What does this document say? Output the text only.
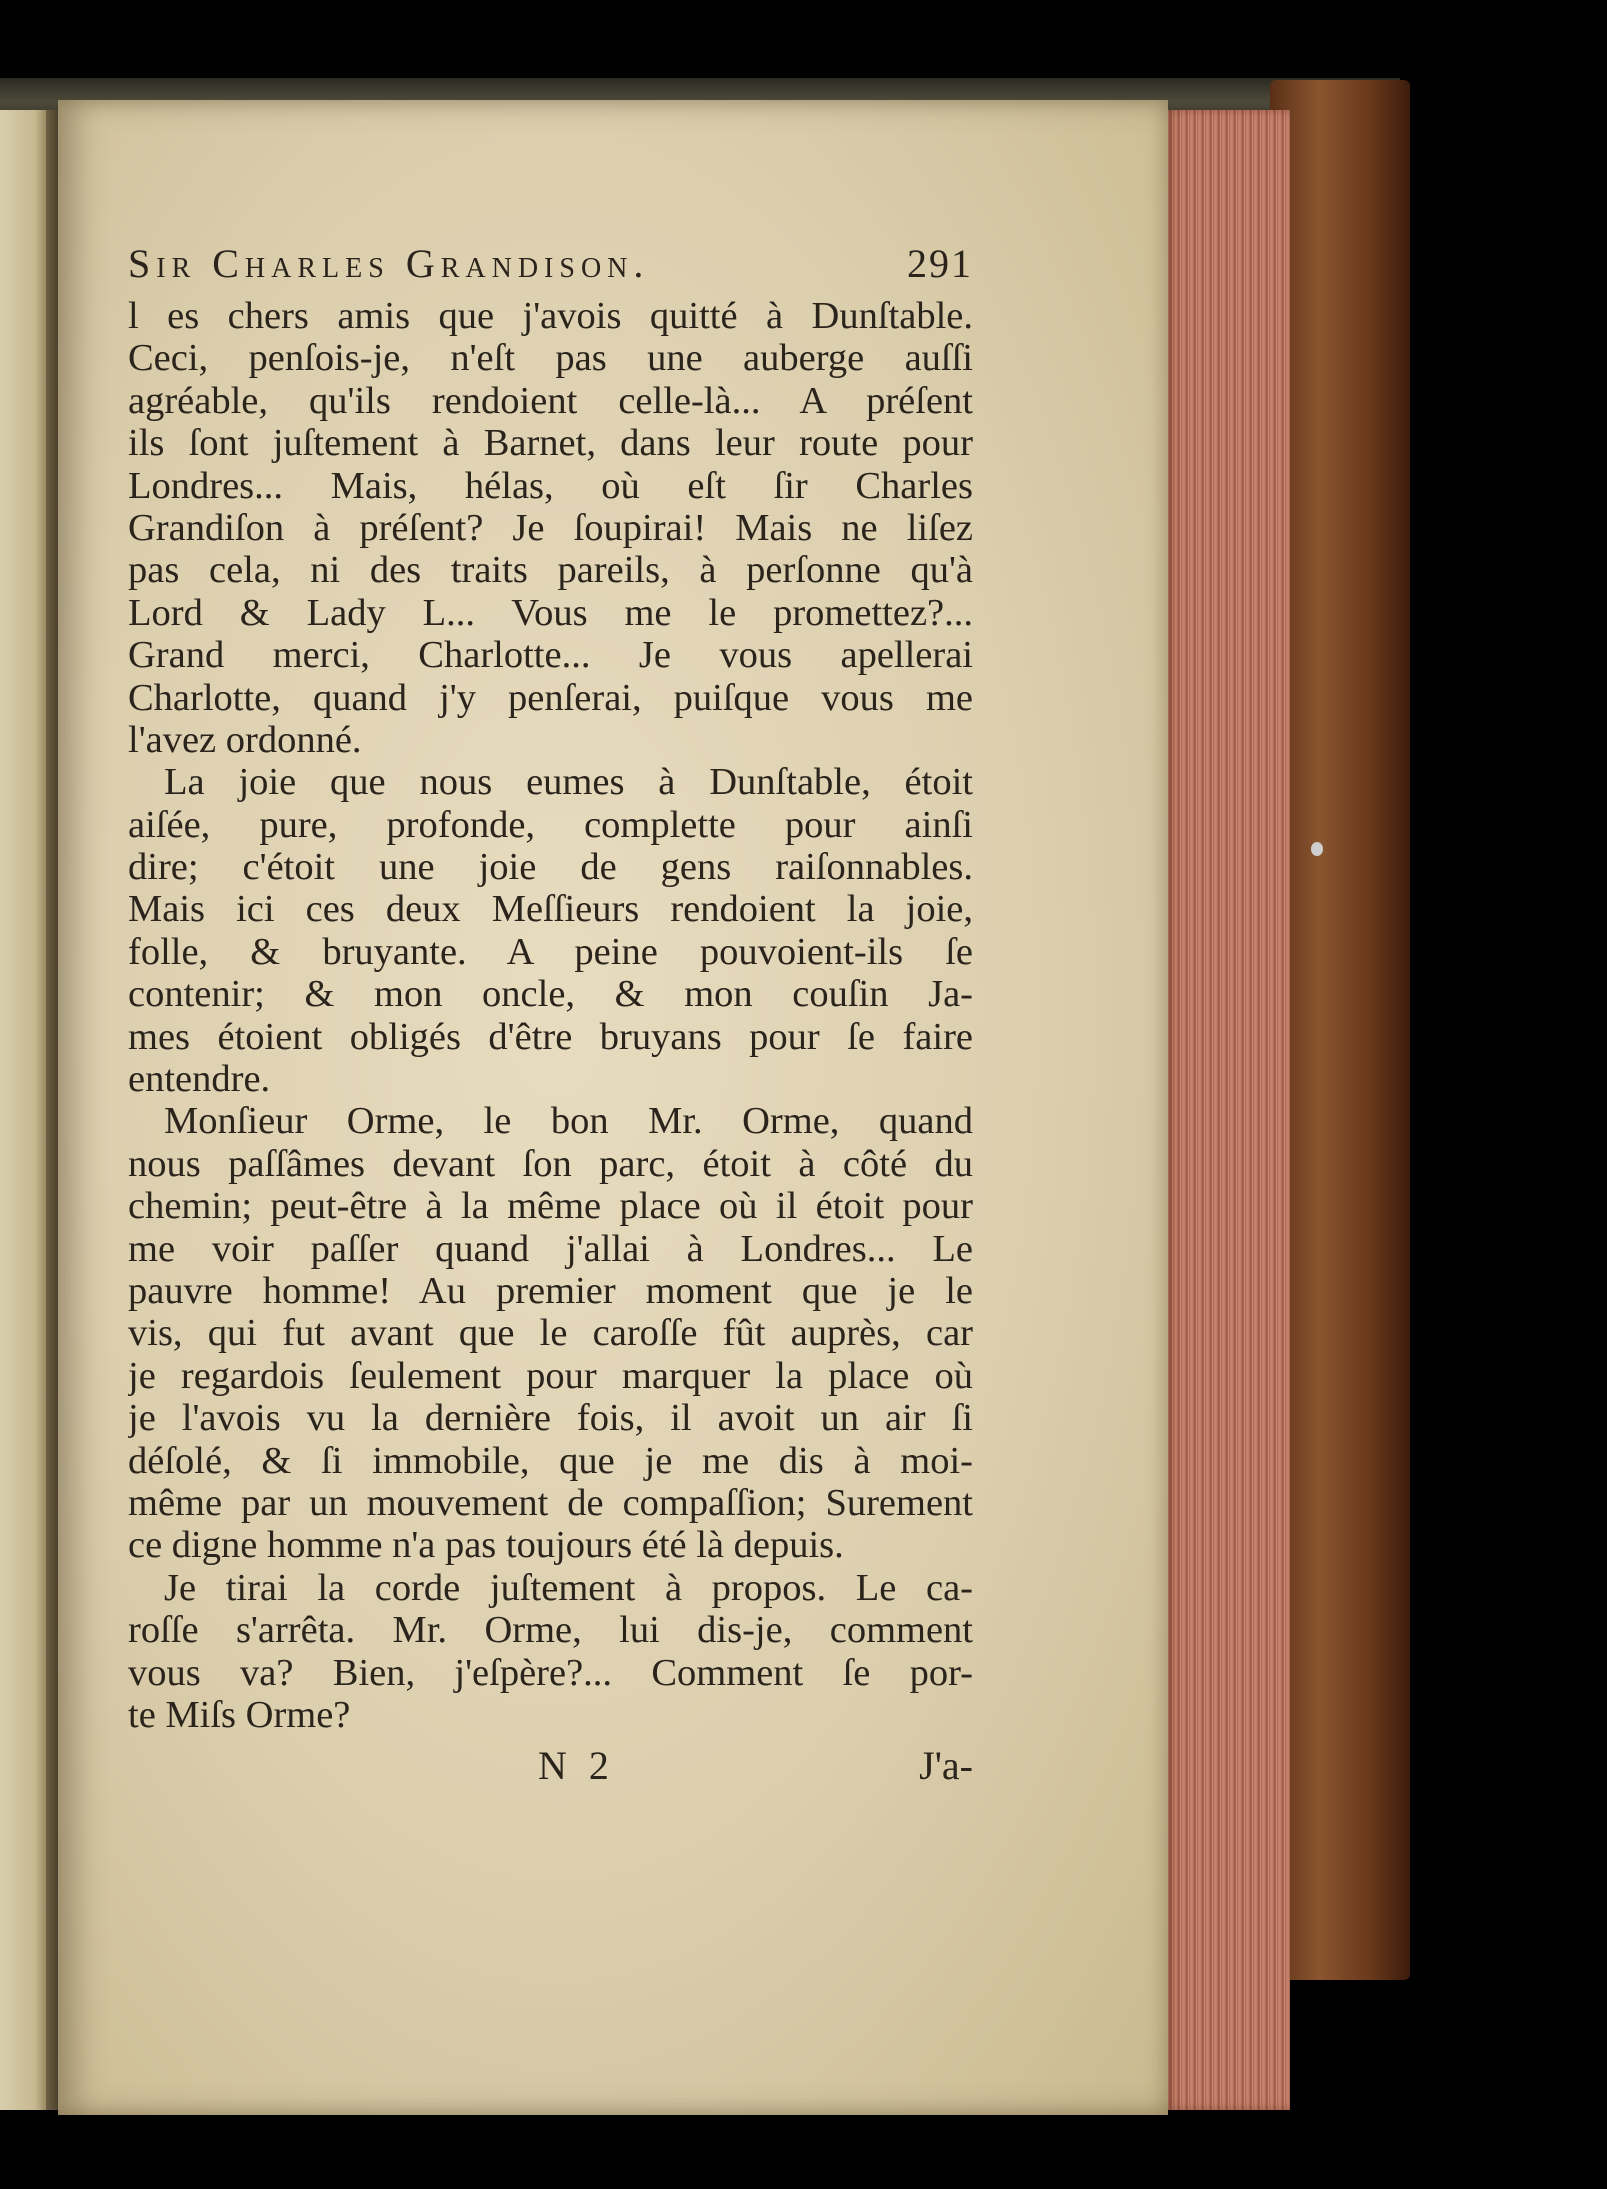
Sir Charles Grandison.	291
l es chers amis que j'avois quitté à Dunſtable.
Ceci, penſois-je, n'eſt pas une auberge auſſi
agréable, qu'ils rendoient celle-là... A préſent
ils ſont juſtement à Barnet, dans leur route pour
Londres... Mais, hélas, où eſt ſir Charles
Grandiſon à préſent? Je ſoupirai! Mais ne liſez
pas cela, ni des traits pareils, à perſonne qu'à
Lord & Lady L... Vous me le promettez?...
Grand merci, Charlotte... Je vous apellerai
Charlotte, quand j'y penſerai, puiſque vous me
l'avez ordonné.
La joie que nous eumes à Dunſtable, étoit
aiſée, pure, profonde, complette pour ainſi
dire; c'étoit une joie de gens raiſonnables.
Mais ici ces deux Meſſieurs rendoient la joie,
folle, & bruyante. A peine pouvoient-ils ſe
contenir; & mon oncle, & mon couſin Ja-
mes étoient obligés d'être bruyans pour ſe faire
entendre.
Monſieur Orme, le bon Mr. Orme, quand
nous paſſâmes devant ſon parc, étoit à côté du
chemin; peut-être à la même place où il étoit pour
me voir paſſer quand j'allai à Londres... Le
pauvre homme! Au premier moment que je le
vis, qui fut avant que le caroſſe fût auprès, car
je regardois ſeulement pour marquer la place où
je l'avois vu la dernière fois, il avoit un air ſi
déſolé, & ſi immobile, que je me dis à moi-
même par un mouvement de compaſſion; Surement
ce digne homme n'a pas toujours été là depuis.
Je tirai la corde juſtement à propos. Le ca-
roſſe s'arrêta. Mr. Orme, lui dis-je, comment
vous va? Bien, j'eſpère?... Comment ſe por-
te Miſs Orme?
N 2	J'a-
